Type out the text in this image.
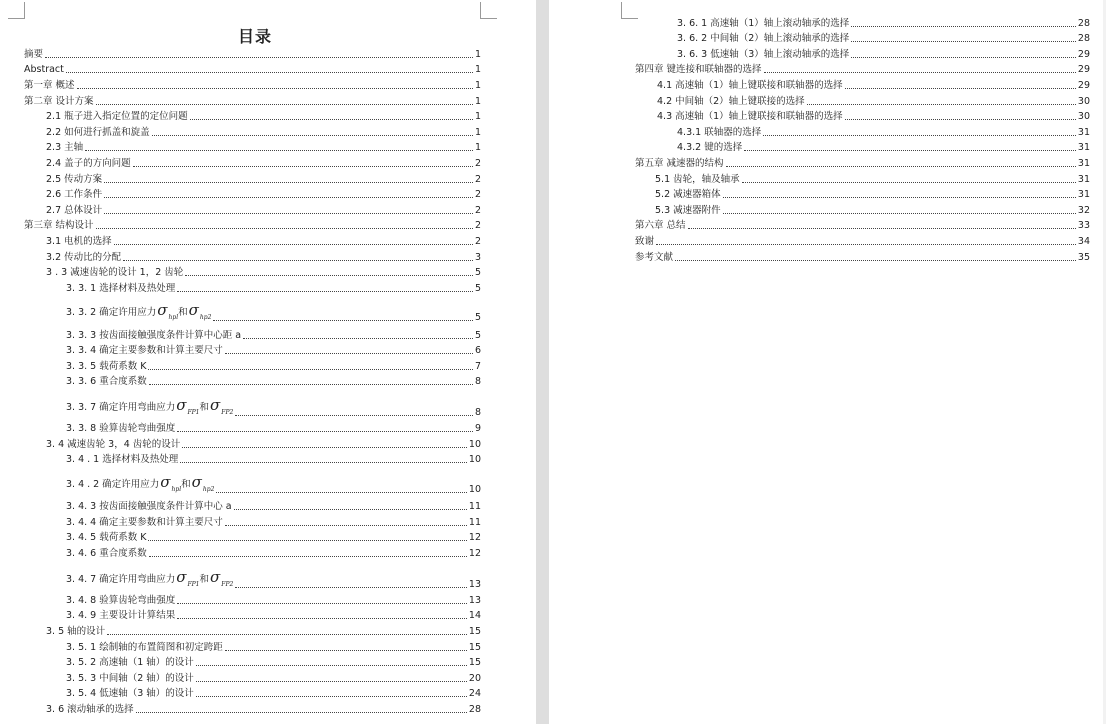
目录
摘要	1
Abstract	1
第一章 概述	1
第二章 设计方案	1
2.1 瓶子进入指定位置的定位问题	1
2.2 如何进行抓盖和旋盖	1
2.3 主轴	1
2.4 盖子的方向问题	2
2.5 传动方案	2
2.6 工作条件	2
2.7 总体设计	2
第三章 结构设计	2
3.1 电机的选择	2
3.2 传动比的分配	3
3 . 3 减速齿轮的设计 1，2 齿轮	5
3. 3. 1 选择材料及热处理	5
3. 3. 2 确定许用应力$\sigma_{hpl}$和$\sigma_{hp2}$	5
3. 3. 3 按齿面接触强度条件计算中心距 a	5
3. 3. 4 确定主要参数和计算主要尺寸	6
3. 3. 5 载荷系数 K	7
3. 3. 6 重合度系数	8
3. 3. 7 确定许用弯曲应力$\sigma_{FP1}$和$\sigma_{FP2}$	8
3. 3. 8 验算齿轮弯曲强度	9
3. 4 减速齿轮 3，4 齿轮的设计	10
3. 4 . 1 选择材料及热处理	10
3. 4 . 2 确定许用应力$\sigma_{hpl}$和$\sigma_{hp2}$	10
3. 4. 3 按齿面接触强度条件计算中心 a	11
3. 4. 4 确定主要参数和计算主要尺寸	11
3. 4. 5 载荷系数 K	12
3. 4. 6 重合度系数	12
3. 4. 7 确定许用弯曲应力$\sigma_{FP1}$和$\sigma_{FP2}$	13
3. 4. 8 验算齿轮弯曲强度	13
3. 4. 9 主要设计计算结果	14
3. 5 轴的设计	15
3. 5. 1 绘制轴的布置简图和初定跨距	15
3. 5. 2 高速轴（1 轴）的设计	15
3. 5. 3 中间轴（2 轴）的设计	20
3. 5. 4 低速轴（3 轴）的设计	24
3. 6 滚动轴承的选择	28
3. 6. 1 高速轴（1）轴上滚动轴承的选择	28
3. 6. 2 中间轴（2）轴上滚动轴承的选择	28
3. 6. 3 低速轴（3）轴上滚动轴承的选择	29
第四章 键连接和联轴器的选择	29
4.1 高速轴（1）轴上键联接和联轴器的选择	29
4.2 中间轴（2）轴上键联接的选择	30
4.3 高速轴（1）轴上键联接和联轴器的选择	30
4.3.1 联轴器的选择	31
4.3.2 键的选择	31
第五章 减速器的结构	31
5.1 齿轮，轴及轴承	31
5.2 减速器箱体	31
5.3 减速器附件	32
第六章 总结	33
致谢	34
参考文献	35
